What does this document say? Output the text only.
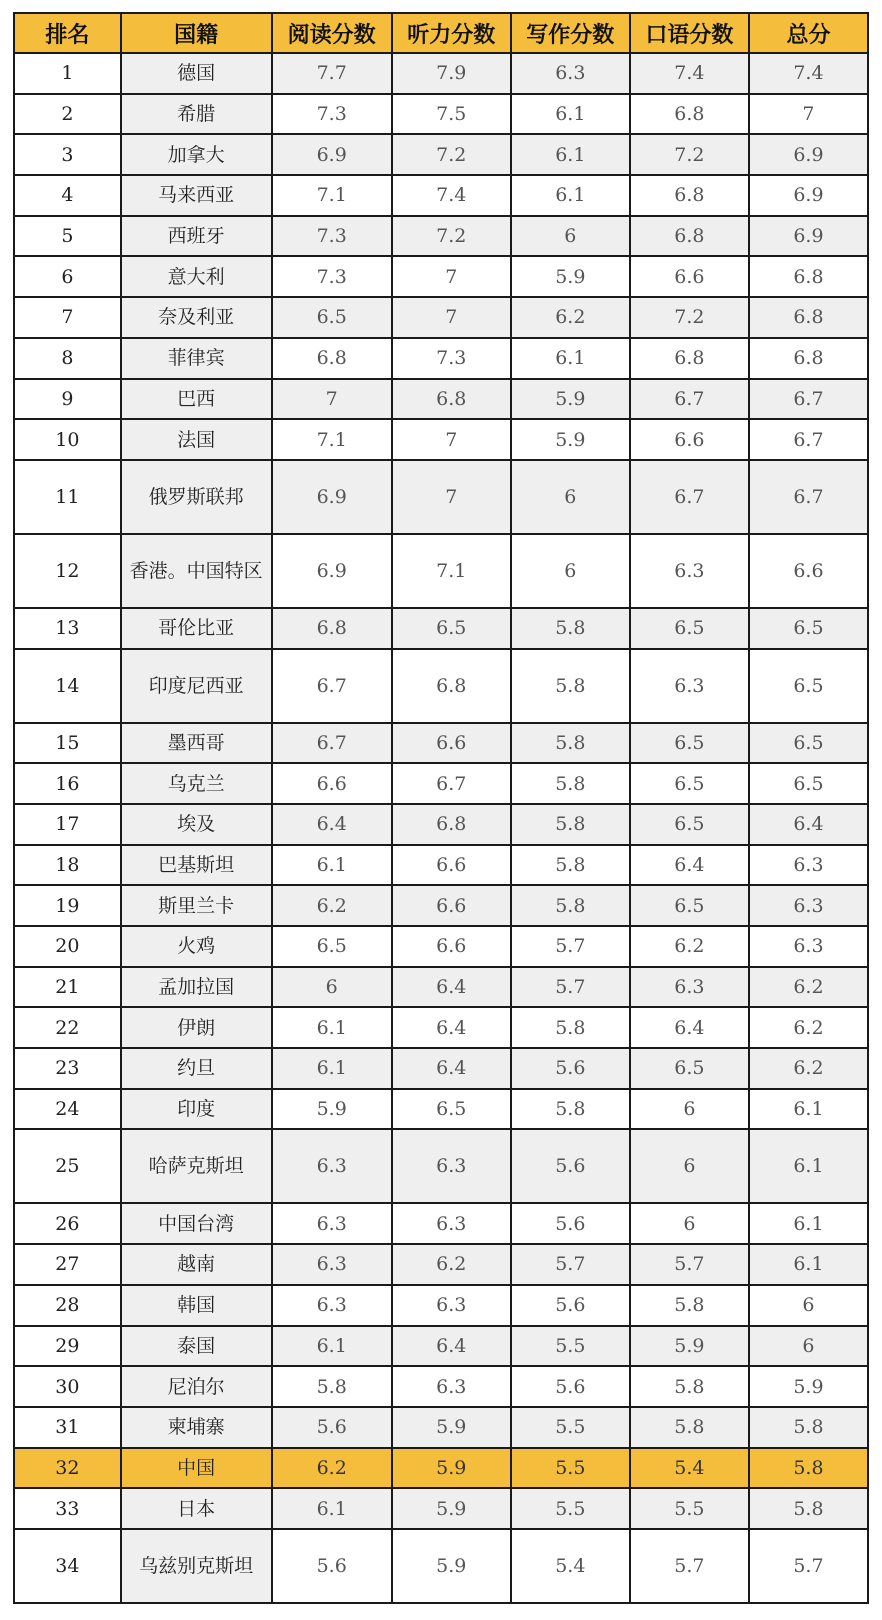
排名	国籍	阅读分数	听力分数	写作分数	口语分数	总分
1	德国	7.7	7.9	6.3	7.4	7.4
2	希腊	7.3	7.5	6.1	6.8	7
3	加拿大	6.9	7.2	6.1	7.2	6.9
4	马来西亚	7.1	7.4	6.1	6.8	6.9
5	西班牙	7.3	7.2	6	6.8	6.9
6	意大利	7.3	7	5.9	6.6	6.8
7	奈及利亚	6.5	7	6.2	7.2	6.8
8	菲律宾	6.8	7.3	6.1	6.8	6.8
9	巴西	7	6.8	5.9	6.7	6.7
10	法国	7.1	7	5.9	6.6	6.7
11	俄罗斯联邦	6.9	7	6	6.7	6.7
12	香港。中国特区	6.9	7.1	6	6.3	6.6
13	哥伦比亚	6.8	6.5	5.8	6.5	6.5
14	印度尼西亚	6.7	6.8	5.8	6.3	6.5
15	墨西哥	6.7	6.6	5.8	6.5	6.5
16	乌克兰	6.6	6.7	5.8	6.5	6.5
17	埃及	6.4	6.8	5.8	6.5	6.4
18	巴基斯坦	6.1	6.6	5.8	6.4	6.3
19	斯里兰卡	6.2	6.6	5.8	6.5	6.3
20	火鸡	6.5	6.6	5.7	6.2	6.3
21	孟加拉国	6	6.4	5.7	6.3	6.2
22	伊朗	6.1	6.4	5.8	6.4	6.2
23	约旦	6.1	6.4	5.6	6.5	6.2
24	印度	5.9	6.5	5.8	6	6.1
25	哈萨克斯坦	6.3	6.3	5.6	6	6.1
26	中国台湾	6.3	6.3	5.6	6	6.1
27	越南	6.3	6.2	5.7	5.7	6.1
28	韩国	6.3	6.3	5.6	5.8	6
29	泰国	6.1	6.4	5.5	5.9	6
30	尼泊尔	5.8	6.3	5.6	5.8	5.9
31	柬埔寨	5.6	5.9	5.5	5.8	5.8
32	中国	6.2	5.9	5.5	5.4	5.8
33	日本	6.1	5.9	5.5	5.5	5.8
34	乌兹别克斯坦	5.6	5.9	5.4	5.7	5.7
